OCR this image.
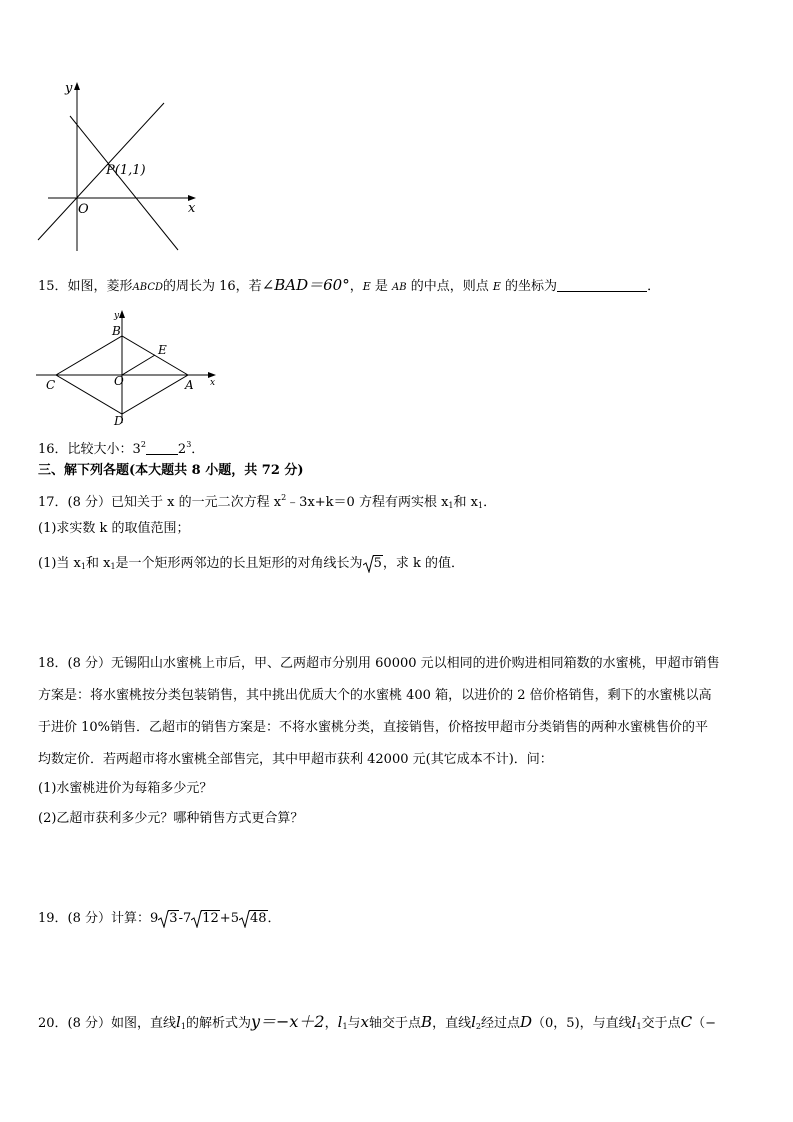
y
x
O
P(1,1)
15．如图，菱形ABCD的周长为 16，若∠BAD＝60°，E 是 AB 的中点，则点 E 的坐标为	．
y
x
B
E
C	O	A
D
16．比较大小：$3^2$ $2^3$．
三、解下列各题(本大题共 8 小题，共 72 分)
17．(8 分）已知关于 x 的一元二次方程 $x^2﹣3x+k=0$ 方程有两实根 $x_1$和 $x_1$．
(1)求实数 k 的取值范围；
(1)当 $x_1$和 $x_1$是一个矩形两邻边的长且矩形的对角线长为 5，求 k 的值．
18．(8 分）无锡阳山水蜜桃上市后，甲、乙两超市分别用 60000 元以相同的进价购进相同箱数的水蜜桃，甲超市销售
方案是：将水蜜桃按分类包装销售，其中挑出优质大个的水蜜桃 400 箱，以进价的 2 倍价格销售，剩下的水蜜桃以高
于进价 10%销售．乙超市的销售方案是：不将水蜜桃分类，直接销售，价格按甲超市分类销售的两种水蜜桃售价的平
均数定价．若两超市将水蜜桃全部售完，其中甲超市获利 42000 元(其它成本不计)．问：
(1)水蜜桃进价为每箱多少元？
(2)乙超市获利多少元？哪种销售方式更合算？
19．(8 分）计算：9 3-7 12+5 48．
20．(8 分）如图，直线$l_1$的解析式为y＝−x＋2，$l_1$与x轴交于点B，直线$l_2$经过点D（0，5)，与直线$l_1$交于点C（−
